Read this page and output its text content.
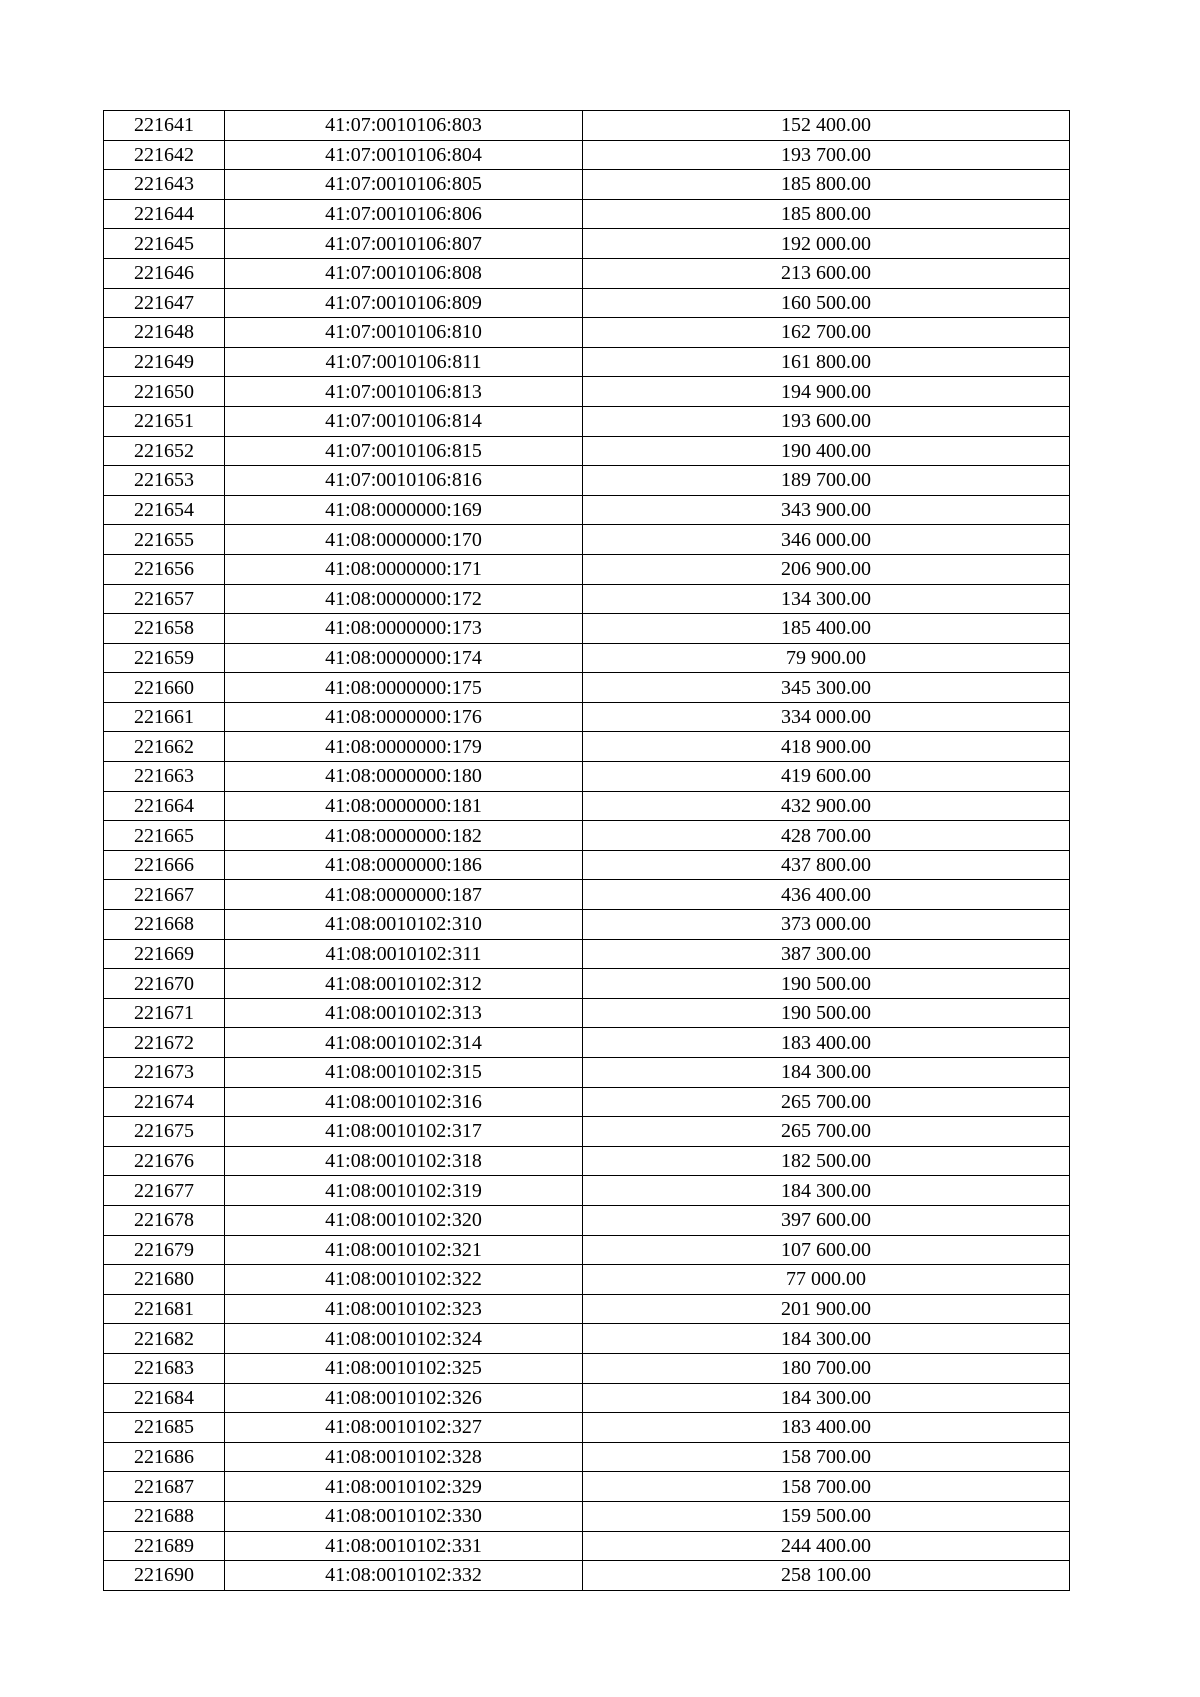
221641	41:07:0010106:803	152 400.00
221642	41:07:0010106:804	193 700.00
221643	41:07:0010106:805	185 800.00
221644	41:07:0010106:806	185 800.00
221645	41:07:0010106:807	192 000.00
221646	41:07:0010106:808	213 600.00
221647	41:07:0010106:809	160 500.00
221648	41:07:0010106:810	162 700.00
221649	41:07:0010106:811	161 800.00
221650	41:07:0010106:813	194 900.00
221651	41:07:0010106:814	193 600.00
221652	41:07:0010106:815	190 400.00
221653	41:07:0010106:816	189 700.00
221654	41:08:0000000:169	343 900.00
221655	41:08:0000000:170	346 000.00
221656	41:08:0000000:171	206 900.00
221657	41:08:0000000:172	134 300.00
221658	41:08:0000000:173	185 400.00
221659	41:08:0000000:174	79 900.00
221660	41:08:0000000:175	345 300.00
221661	41:08:0000000:176	334 000.00
221662	41:08:0000000:179	418 900.00
221663	41:08:0000000:180	419 600.00
221664	41:08:0000000:181	432 900.00
221665	41:08:0000000:182	428 700.00
221666	41:08:0000000:186	437 800.00
221667	41:08:0000000:187	436 400.00
221668	41:08:0010102:310	373 000.00
221669	41:08:0010102:311	387 300.00
221670	41:08:0010102:312	190 500.00
221671	41:08:0010102:313	190 500.00
221672	41:08:0010102:314	183 400.00
221673	41:08:0010102:315	184 300.00
221674	41:08:0010102:316	265 700.00
221675	41:08:0010102:317	265 700.00
221676	41:08:0010102:318	182 500.00
221677	41:08:0010102:319	184 300.00
221678	41:08:0010102:320	397 600.00
221679	41:08:0010102:321	107 600.00
221680	41:08:0010102:322	77 000.00
221681	41:08:0010102:323	201 900.00
221682	41:08:0010102:324	184 300.00
221683	41:08:0010102:325	180 700.00
221684	41:08:0010102:326	184 300.00
221685	41:08:0010102:327	183 400.00
221686	41:08:0010102:328	158 700.00
221687	41:08:0010102:329	158 700.00
221688	41:08:0010102:330	159 500.00
221689	41:08:0010102:331	244 400.00
221690	41:08:0010102:332	258 100.00
